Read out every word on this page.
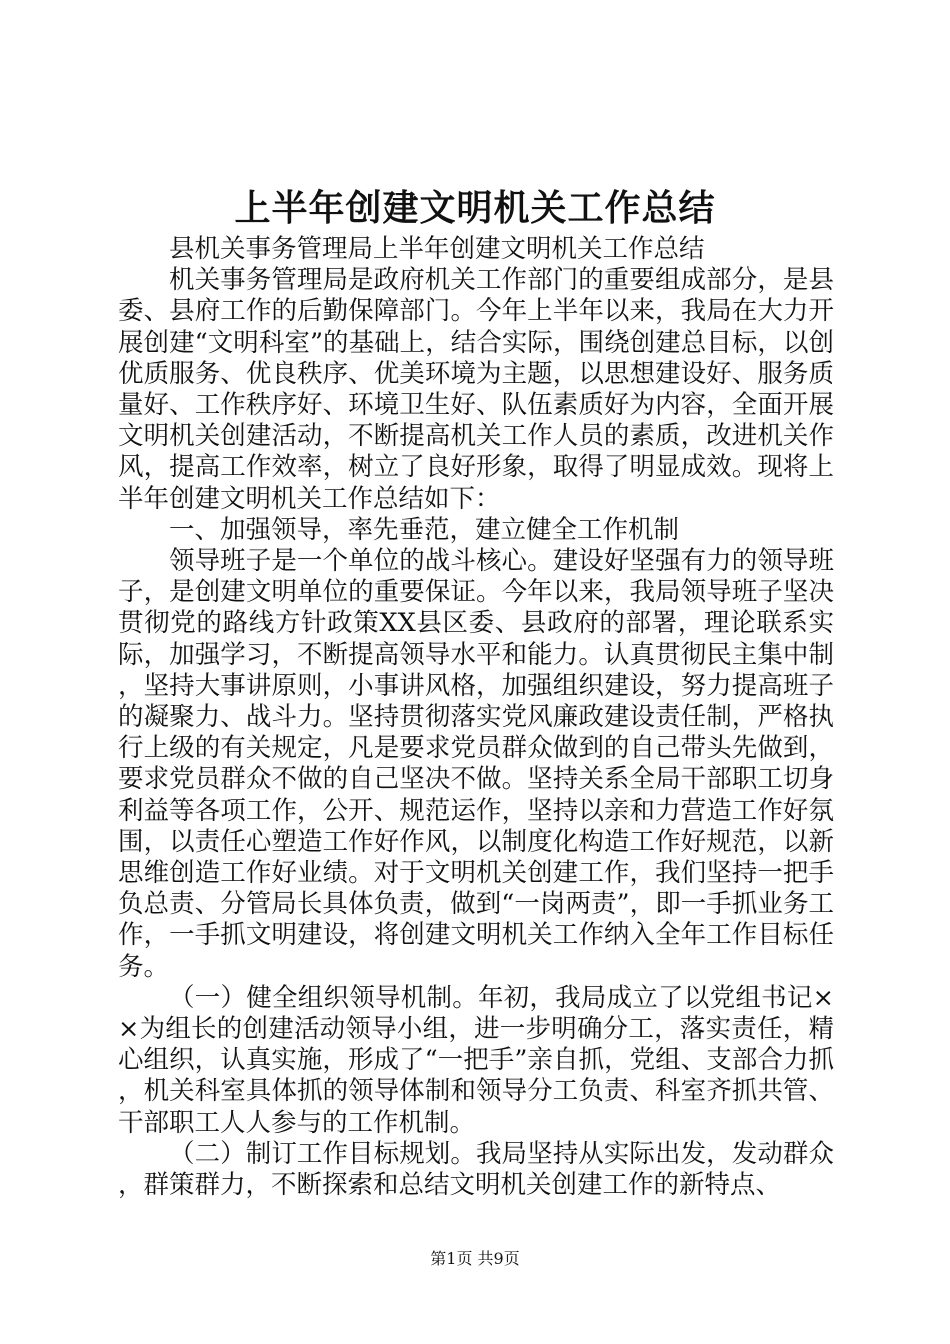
上半年创建文明机关工作总结

县机关事务管理局上半年创建文明机关工作总结

机关事务管理局是政府机关工作部门的重要组成部分，是县委、县府工作的后勤保障部门。今年上半年以来，我局在大力开展创建“文明科室”的基础上，结合实际，围绕创建总目标，以创优质服务、优良秩序、优美环境为主题，以思想建设好、服务质量好、工作秩序好、环境卫生好、队伍素质好为内容，全面开展文明机关创建活动，不断提高机关工作人员的素质，改进机关作风，提高工作效率，树立了良好形象，取得了明显成效。现将上半年创建文明机关工作总结如下：

一、加强领导，率先垂范，建立健全工作机制

领导班子是一个单位的战斗核心。建设好坚强有力的领导班子，是创建文明单位的重要保证。今年以来，我局领导班子坚决贯彻党的路线方针政策XX县区委、县政府的部署，理论联系实际，加强学习，不断提高领导水平和能力。认真贯彻民主集中制，坚持大事讲原则，小事讲风格，加强组织建设，努力提高班子的凝聚力、战斗力。坚持贯彻落实党风廉政建设责任制，严格执行上级的有关规定，凡是要求党员群众做到的自己带头先做到，要求党员群众不做的自己坚决不做。坚持关系全局干部职工切身利益等各项工作，公开、规范运作，坚持以亲和力营造工作好氛围，以责任心塑造工作好作风，以制度化构造工作好规范，以新思维创造工作好业绩。对于文明机关创建工作，我们坚持一把手负总责、分管局长具体负责，做到“一岗两责”，即一手抓业务工作，一手抓文明建设，将创建文明机关工作纳入全年工作目标任务。

（一）健全组织领导机制。年初，我局成立了以党组书记××为组长的创建活动领导小组，进一步明确分工，落实责任，精心组织，认真实施，形成了“一把手”亲自抓，党组、支部合力抓，机关科室具体抓的领导体制和领导分工负责、科室齐抓共管、干部职工人人参与的工作机制。

（二）制订工作目标规划。我局坚持从实际出发，发动群众，群策群力，不断探索和总结文明机关创建工作的新特点、

第1页 共9页
